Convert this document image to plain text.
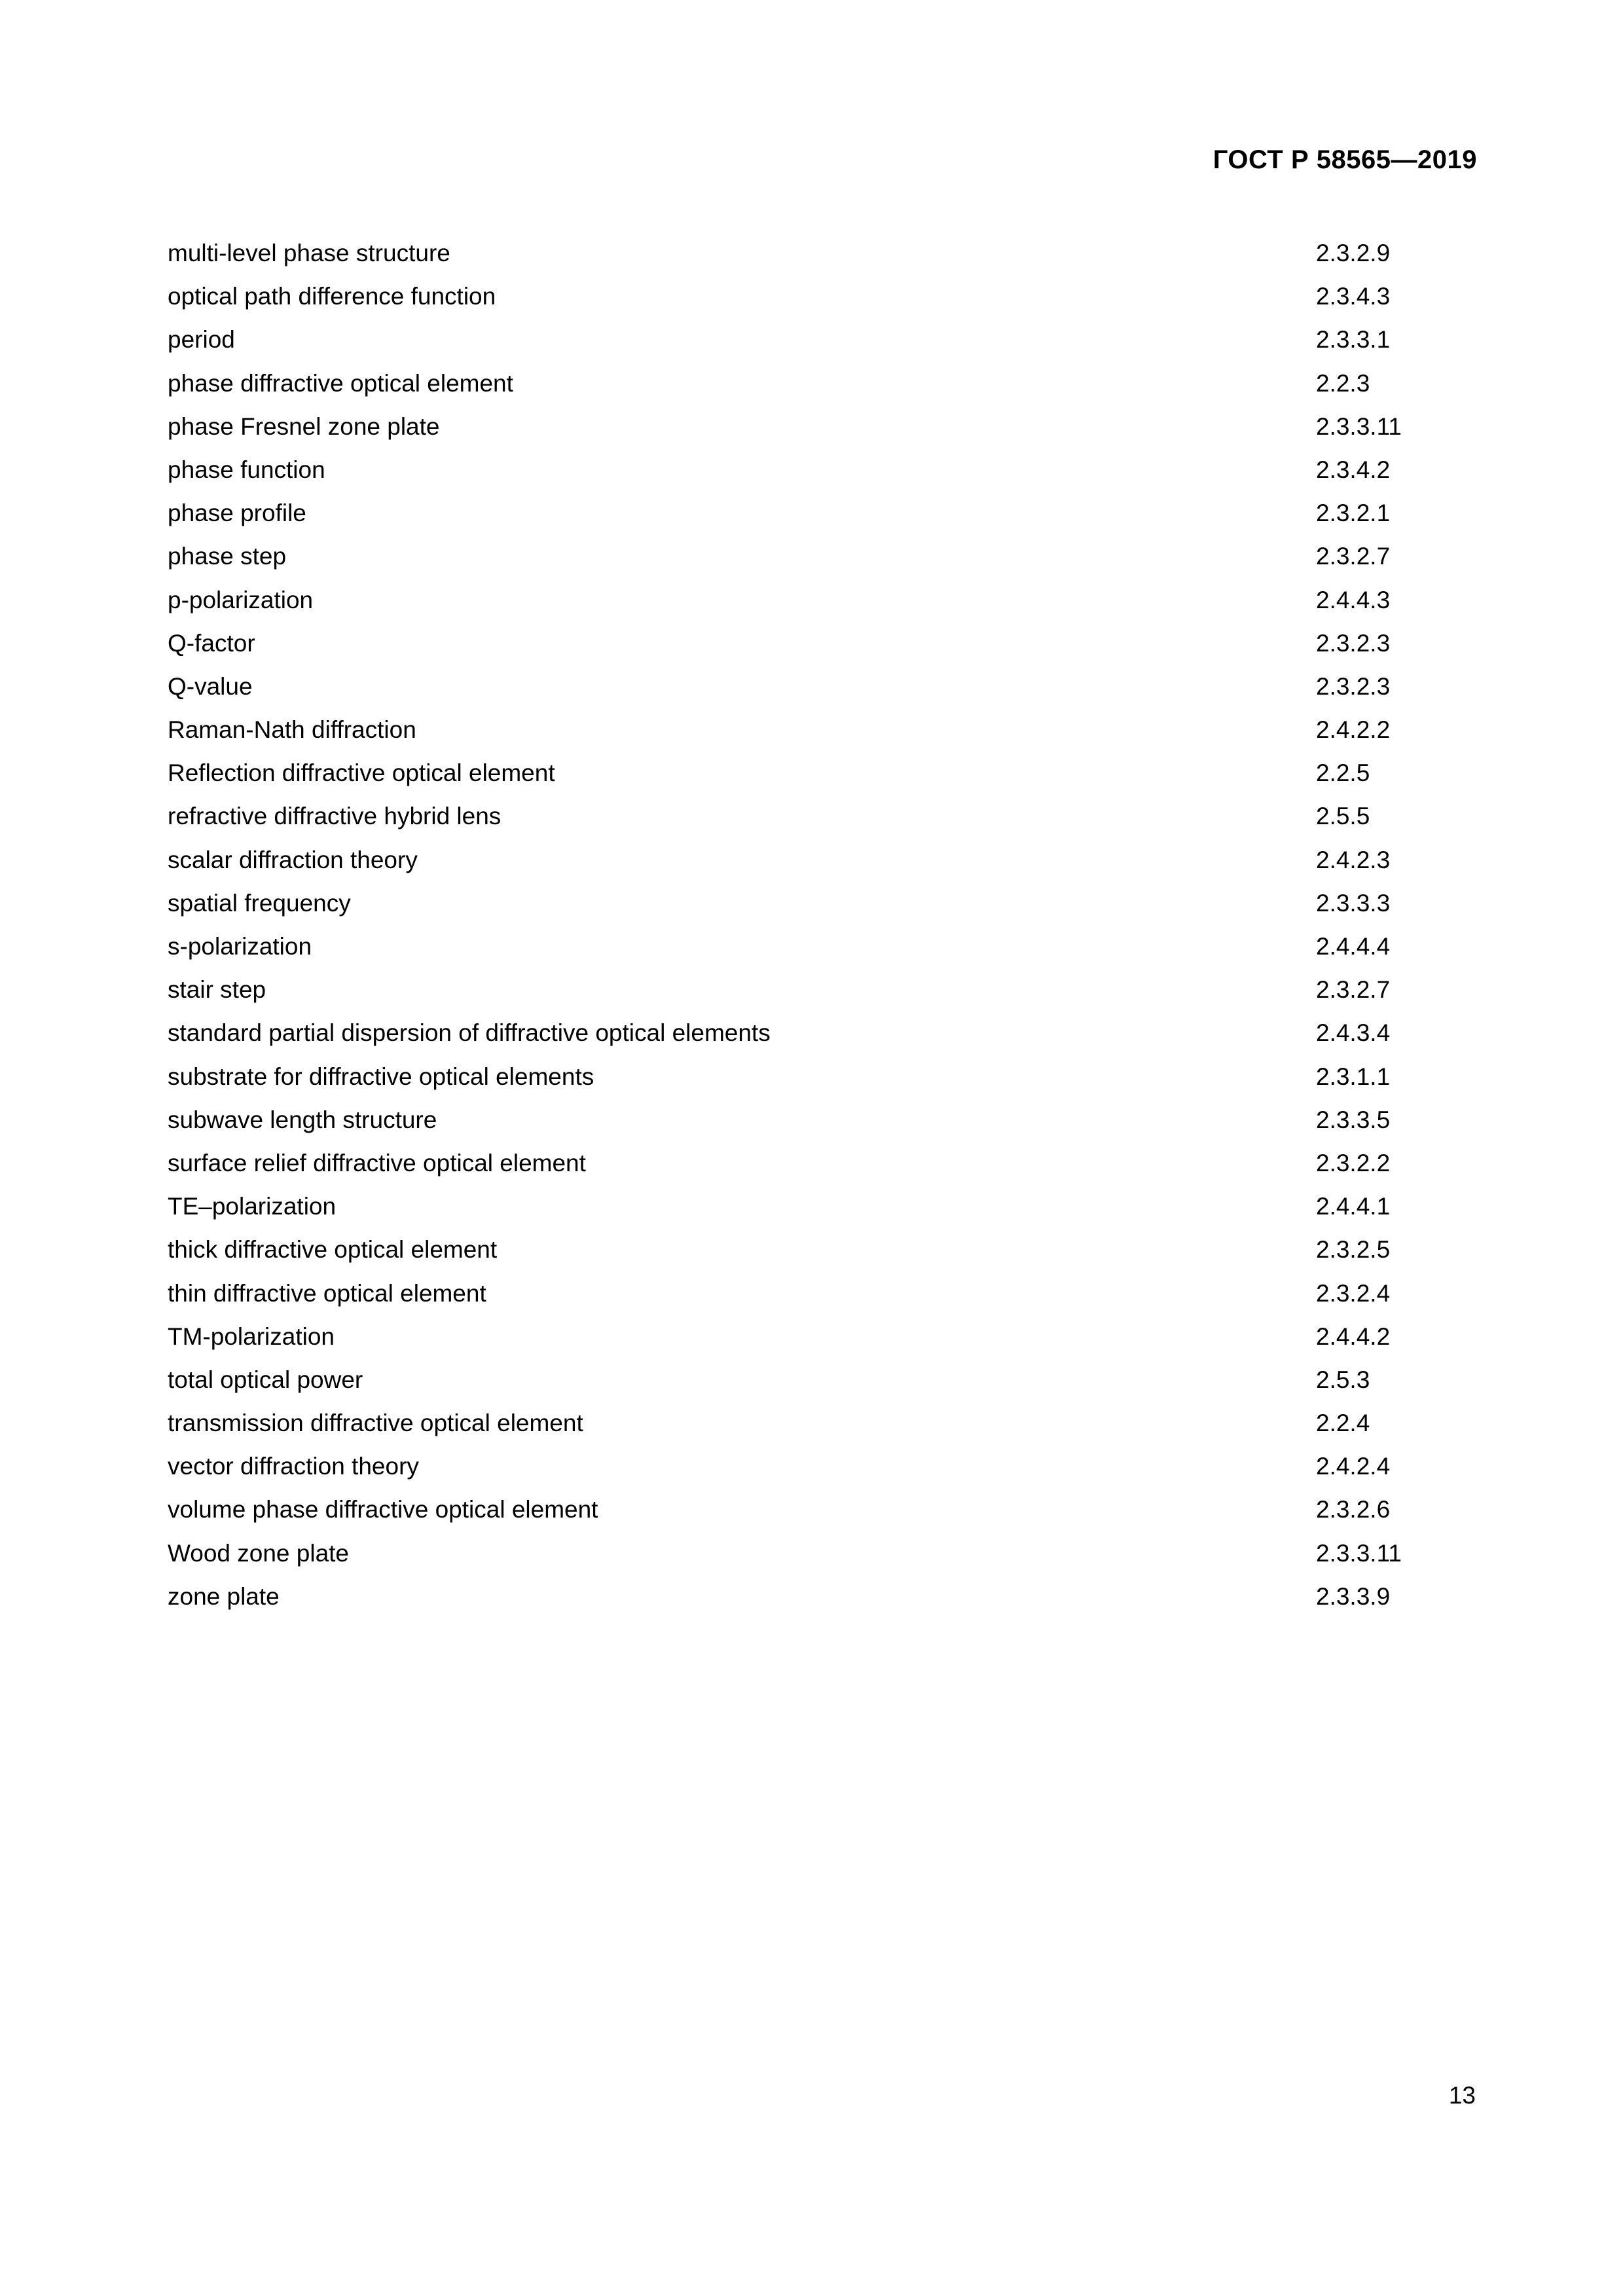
ГОСТ Р 58565—2019
multi-level phase structure	2.3.2.9
optical path difference function	2.3.4.3
period	2.3.3.1
phase diffractive optical element	2.2.3
phase Fresnel zone plate	2.3.3.11
phase function	2.3.4.2
phase profile	2.3.2.1
phase step	2.3.2.7
p-polarization	2.4.4.3
Q-factor	2.3.2.3
Q-value	2.3.2.3
Raman-Nath diffraction	2.4.2.2
Reflection diffractive optical element	2.2.5
refractive diffractive hybrid lens	2.5.5
scalar diffraction theory	2.4.2.3
spatial frequency	2.3.3.3
s-polarization	2.4.4.4
stair step	2.3.2.7
standard partial dispersion of diffractive optical elements	2.4.3.4
substrate for diffractive optical elements	2.3.1.1
subwave length structure	2.3.3.5
surface relief diffractive optical element	2.3.2.2
TE–polarization	2.4.4.1
thick diffractive optical element	2.3.2.5
thin diffractive optical element	2.3.2.4
TM-polarization	2.4.4.2
total optical power	2.5.3
transmission diffractive optical element	2.2.4
vector diffraction theory	2.4.2.4
volume phase diffractive optical element	2.3.2.6
Wood zone plate	2.3.3.11
zone plate	2.3.3.9
13
